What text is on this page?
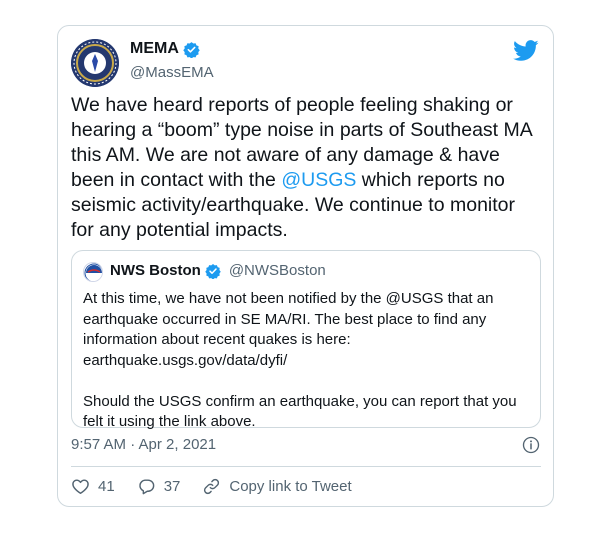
MEMA
@MassEMA
We have heard reports of people feeling shaking or hearing a “boom” type noise in parts of Southeast MA this AM. We are not aware of any damage & have been in contact with the @USGS which reports no seismic activity/earthquake. We continue to monitor for any potential impacts.
NWS Boston @NWSBoston
At this time, we have not been notified by the @USGS that an earthquake occurred in SE MA/RI. The best place to find any information about recent quakes is here: earthquake.usgs.gov/data/dyfi/

Should the USGS confirm an earthquake, you can report that you felt it using the link above.
9:57 AM · Apr 2, 2021
41	37	Copy link to Tweet
